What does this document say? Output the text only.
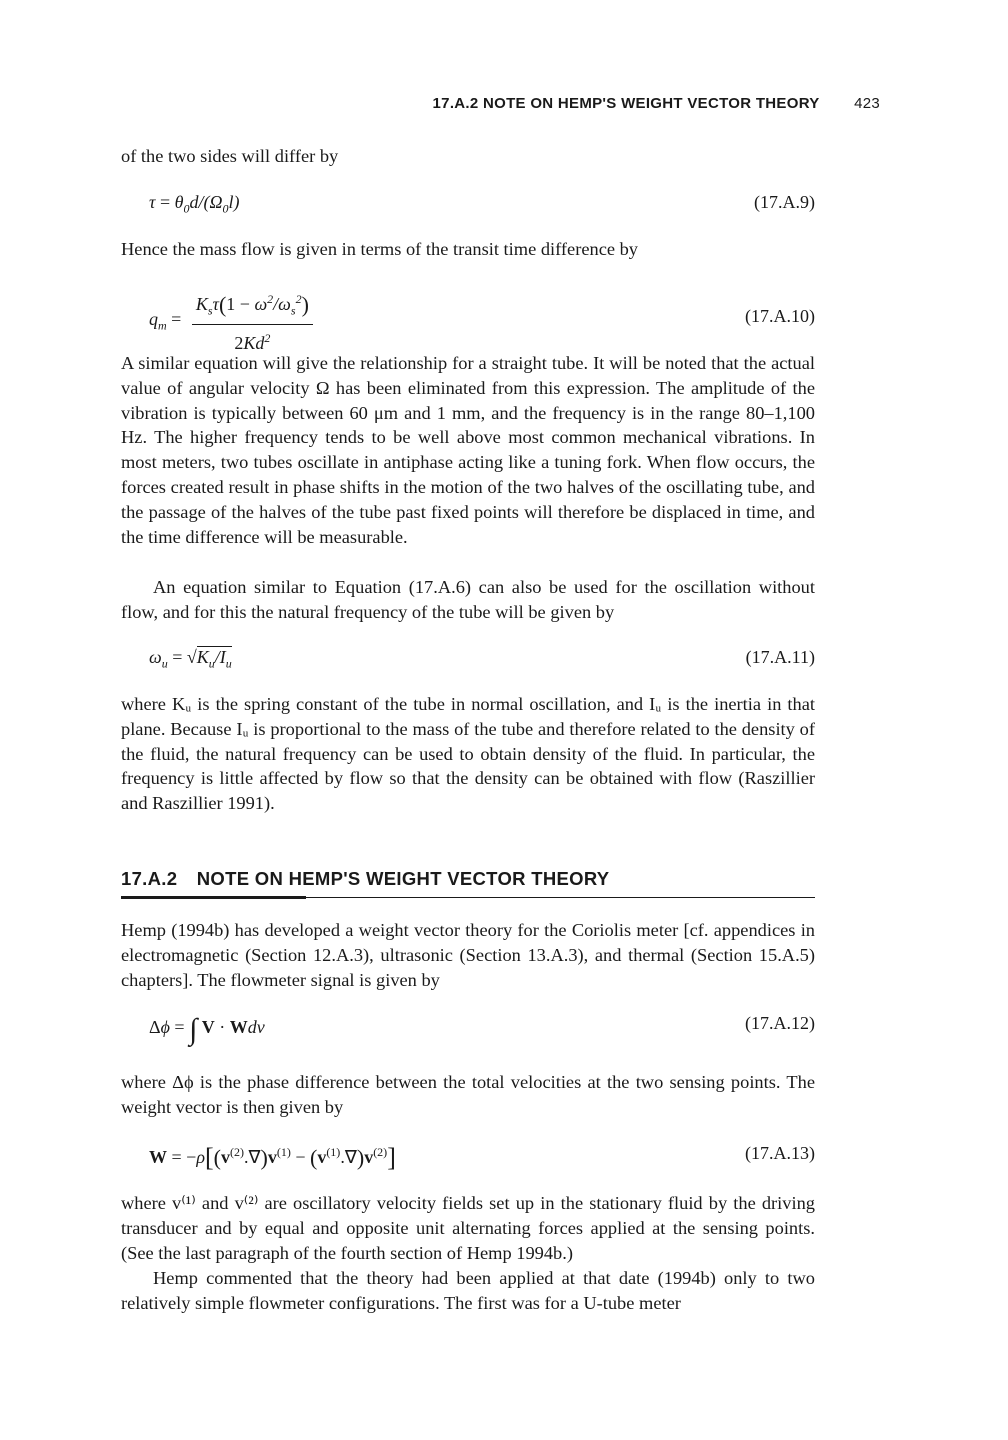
17.A.2 NOTE ON HEMP'S WEIGHT VECTOR THEORY 423
of the two sides will differ by
$\tau = \theta_0d/(\Omega_0l)$	(17.A.9)
Hence the mass flow is given in terms of the transit time difference by
$q_m = \frac{K_s\tau(1 - \omega^2/\omega_s^2)}{2Kd^2}$	(17.A.10)
A similar equation will give the relationship for a straight tube. It will be noted that the actual value of angular velocity Ω has been eliminated from this expression. The amplitude of the vibration is typically between 60 μm and 1 mm, and the frequency is in the range 80–1,100 Hz. The higher frequency tends to be well above most common mechanical vibrations. In most meters, two tubes oscillate in antiphase acting like a tuning fork. When flow occurs, the forces created result in phase shifts in the motion of the two halves of the oscillating tube, and the passage of the halves of the tube past fixed points will therefore be displaced in time, and the time difference will be measurable.
An equation similar to Equation (17.A.6) can also be used for the oscillation without flow, and for this the natural frequency of the tube will be given by
$\omega_u = √K_u/I_u$	(17.A.11)
where Kᵤ is the spring constant of the tube in normal oscillation, and Iᵤ is the inertia in that plane. Because Iᵤ is proportional to the mass of the tube and therefore related to the density of the fluid, the natural frequency can be used to obtain density of the fluid. In particular, the frequency is little affected by flow so that the density can be obtained with flow (Raszillier and Raszillier 1991).
17.A.2 NOTE ON HEMP'S WEIGHT VECTOR THEORY
Hemp (1994b) has developed a weight vector theory for the Coriolis meter [cf. appendices in electromagnetic (Section 12.A.3), ultrasonic (Section 13.A.3), and thermal (Section 15.A.5) chapters]. The flowmeter signal is given by
Δϕ = ∫ V · Wdv	(17.A.12)
where Δϕ is the phase difference between the total velocities at the two sensing points. The weight vector is then given by
$W = -\rho[(v^{(2)}.\nabla)v^{(1)} - (v^{(1)}.\nabla)v^{(2)}]$	(17.A.13)
where v⁽¹⁾ and v⁽²⁾ are oscillatory velocity fields set up in the stationary fluid by the driving transducer and by equal and opposite unit alternating forces applied at the sensing points. (See the last paragraph of the fourth section of Hemp 1994b.)
Hemp commented that the theory had been applied at that date (1994b) only to two relatively simple flowmeter configurations. The first was for a U-tube meter
